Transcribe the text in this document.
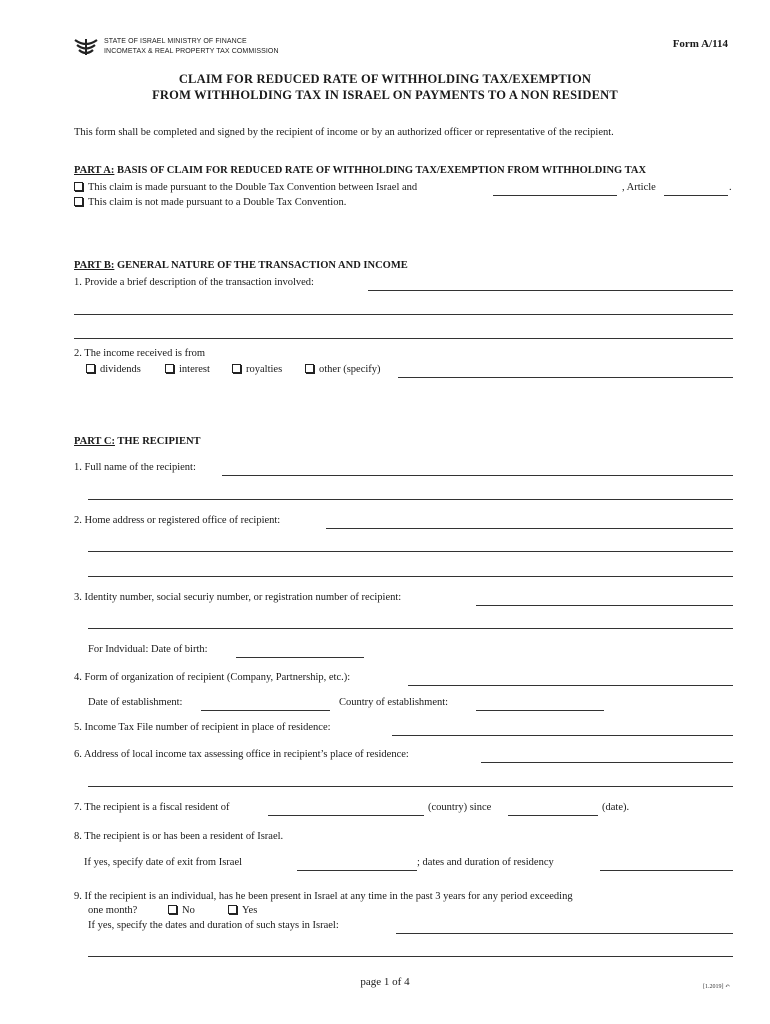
STATE OF ISRAEL MINISTRY OF FINANCE
INCOMETAX & REAL PROPERTY TAX COMMISSION
Form A/114
CLAIM FOR REDUCED RATE OF WITHHOLDING TAX/EXEMPTION
FROM WITHHOLDING TAX IN ISRAEL ON PAYMENTS TO A NON RESIDENT
This form shall be completed and signed by the recipient of income or by an authorized officer or representative of the recipient.
PART A: BASIS OF CLAIM FOR REDUCED RATE OF WITHHOLDING TAX/EXEMPTION FROM WITHHOLDING TAX
This claim is made pursuant to the Double Tax Convention between Israel and	, Article	.
This claim is not made pursuant to a Double Tax Convention.
PART B: GENERAL NATURE OF THE TRANSACTION AND INCOME
1. Provide a brief description of the transaction involved:
2. The income received is from
dividends	interest	royalties	other (specify)
PART C: THE RECIPIENT
1. Full name of the recipient:
2. Home address or registered office of recipient:
3. Identity number, social securiy number, or registration number of recipient:
For Indvidual: Date of birth:
4. Form of organization of recipient (Company, Partnership, etc.):
Date of establishment:	Country of establishment:
5. Income Tax File number of recipient in place of residence:
6. Address of local income tax assessing office in recipient’s place of residence:
7. The recipient is a fiscal resident of	(country) since	(date).
8. The recipient is or has been a resident of Israel.
If yes, specify date of exit from Israel	; dates and duration of residency
9. If the recipient is an individual, has he been present in Israel at any time in the past 3 years for any period exceeding
one month?	No	Yes
If yes, specify the dates and duration of such stays in Israel:
page 1 of 4	[1.2019] ↶
